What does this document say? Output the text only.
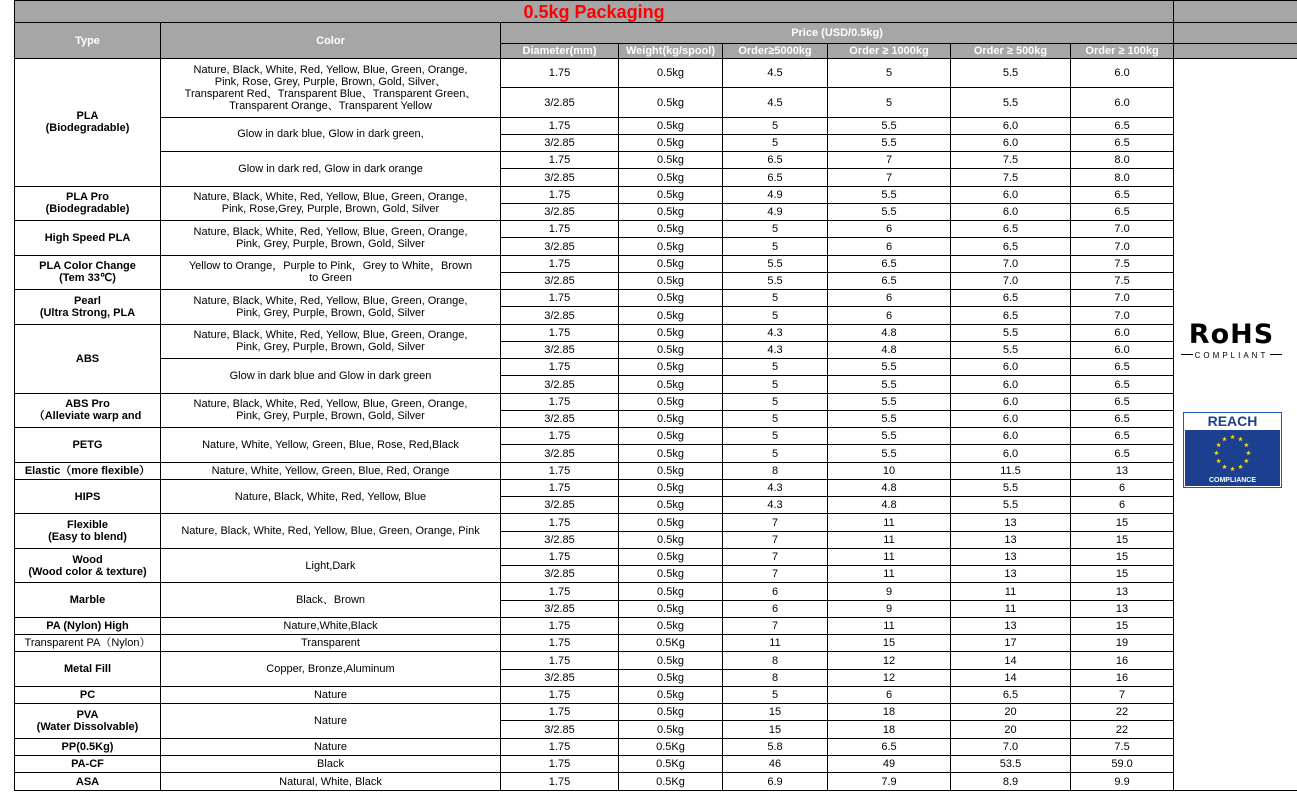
0.5kg Packaging								
Type	Color	Price (USD/0.5kg)						
		Diameter(mm)	Weight(kg/spool)	Order≥5000kg	Order ≥ 1000kg	Order ≥ 500kg	Order ≥ 100kg	

PLA
(Biodegradable)	Nature, Black, White, Red, Yellow, Blue, Green, Orange,
Pink, Rose, Grey, Purple, Brown, Gold, Silver、
Transparent Red、Transparent Blue、Transparent Green、
Transparent Orange、Transparent Yellow	1.75	0.5kg	4.5	5	5.5	6.0	
		3/2.85	0.5kg	4.5	5	5.5	6.0	

	Glow in dark blue, Glow in dark green,	1.75	0.5kg	5	5.5	6.0	6.5	
		3/2.85	0.5kg	5	5.5	6.0	6.5	

	Glow in dark red, Glow in dark orange	1.75	0.5kg	6.5	7	7.5	8.0	
		3/2.85	0.5kg	6.5	7	7.5	8.0	

PLA Pro
(Biodegradable)	Nature, Black, White, Red, Yellow, Blue, Green, Orange,
Pink, Rose,Grey, Purple, Brown, Gold, Silver	1.75	0.5kg	4.9	5.5	6.0	6.5	
		3/2.85	0.5kg	4.9	5.5	6.0	6.5	

High Speed PLA	Nature, Black, White, Red, Yellow, Blue, Green, Orange,
Pink, Grey, Purple, Brown, Gold, Silver	1.75	0.5kg	5	6	6.5	7.0	
		3/2.85	0.5kg	5	6	6.5	7.0	

PLA Color Change
(Tem 33℃)	Yellow to Orange，Purple to Pink，Grey to White，Brown
to Green	1.75	0.5kg	5.5	6.5	7.0	7.5	
		3/2.85	0.5kg	5.5	6.5	7.0	7.5	

Pearl
(Ultra Strong, PLA	Nature, Black, White, Red, Yellow, Blue, Green, Orange,
Pink, Grey, Purple, Brown, Gold, Silver	1.75	0.5kg	5	6	6.5	7.0	
		3/2.85	0.5kg	5	6	6.5	7.0	

ABS	Nature, Black, White, Red, Yellow, Blue, Green, Orange,
Pink, Grey, Purple, Brown, Gold, Silver	1.75	0.5kg	4.3	4.8	5.5	6.0	
		3/2.85	0.5kg	4.3	4.8	5.5	6.0	

	Glow in dark blue and Glow in dark green	1.75	0.5kg	5	5.5	6.0	6.5	
		3/2.85	0.5kg	5	5.5	6.0	6.5	

ABS Pro
（Alleviate warp and	Nature, Black, White, Red, Yellow, Blue, Green, Orange,
Pink, Grey, Purple, Brown, Gold, Silver	1.75	0.5kg	5	5.5	6.0	6.5	
		3/2.85	0.5kg	5	5.5	6.0	6.5	

PETG	Nature, White, Yellow, Green, Blue, Rose, Red,Black	1.75	0.5kg	5	5.5	6.0	6.5	
		3/2.85	0.5kg	5	5.5	6.0	6.5	

Elastic（more flexible）	Nature, White, Yellow, Green, Blue, Red, Orange	1.75	0.5kg	8	10	11.5	13	

HIPS	Nature, Black, White, Red, Yellow, Blue	1.75	0.5kg	4.3	4.8	5.5	6	
		3/2.85	0.5kg	4.3	4.8	5.5	6	

Flexible
(Easy to blend)	Nature, Black, White, Red, Yellow, Blue, Green, Orange, Pink	1.75	0.5kg	7	11	13	15	
		3/2.85	0.5kg	7	11	13	15	

Wood
(Wood color & texture)	Light,Dark	1.75	0.5kg	7	11	13	15	
		3/2.85	0.5kg	7	11	13	15	

Marble	Black、Brown	1.75	0.5kg	6	9	11	13	
		3/2.85	0.5kg	6	9	11	13	

PA (Nylon) High	Nature,White,Black	1.75	0.5kg	7	11	13	15	

Transparent PA（Nylon）	Transparent	1.75	0.5Kg	11	15	17	19	

Metal Fill	Copper, Bronze,Aluminum	1.75	0.5kg	8	12	14	16	
		3/2.85	0.5kg	8	12	14	16	

PC	Nature	1.75	0.5kg	5	6	6.5	7	

PVA
(Water Dissolvable)	Nature	1.75	0.5kg	15	18	20	22	
		3/2.85	0.5kg	15	18	20	22	

PP(0.5Kg)	Nature	1.75	0.5Kg	5.8	6.5	7.0	7.5	

PA-CF	Black	1.75	0.5Kg	46	49	53.5	59.0	

ASA	Natural, White, Black	1.75	0.5Kg	6.9	7.9	8.9	9.9	
RoHS
COMPLIANT
REACH
COMPLIANCE
